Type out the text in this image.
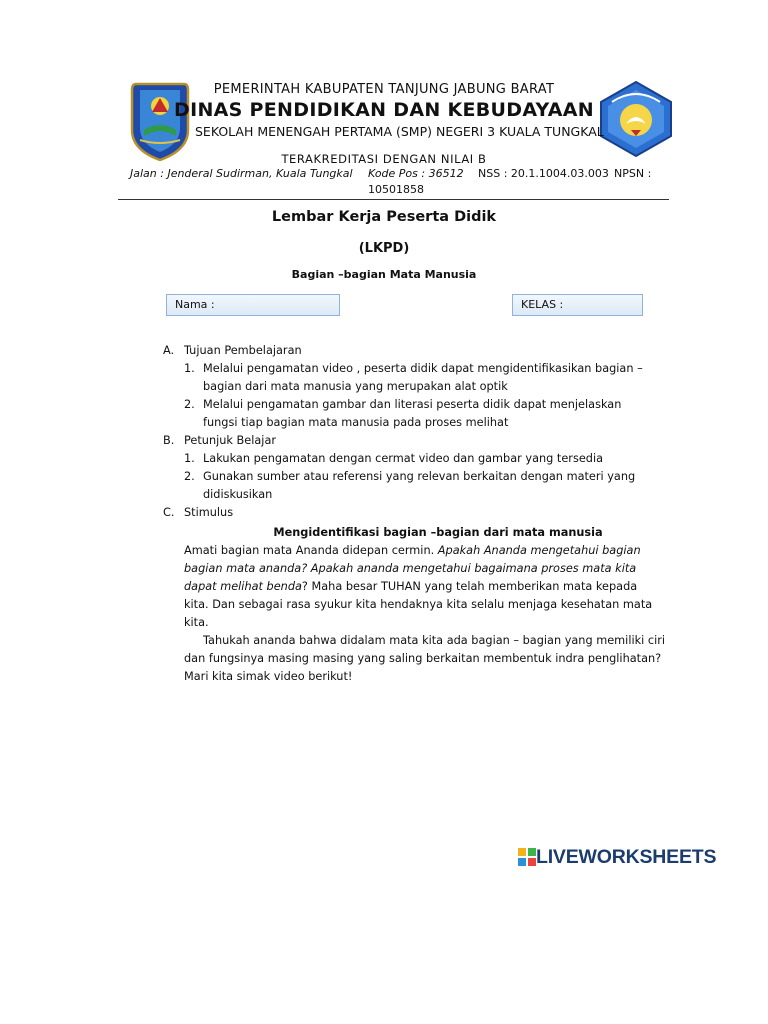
PEMERINTAH KABUPATEN TANJUNG JABUNG BARAT
DINAS PENDIDIKAN DAN KEBUDAYAAN
SEKOLAH MENENGAH PERTAMA (SMP) NEGERI 3 KUALA TUNGKAL
TERAKREDITASI DENGAN NILAI B
Jalan : Jenderal Sudirman, Kuala Tungkal Kode Pos : 36512 NSS : 20.1.1004.03.003 NPSN :
10501858
Lembar Kerja Peserta Didik
(LKPD)
Bagian –bagian Mata Manusia
Nama :	KELAS :
A. Tujuan Pembelajaran
1. Melalui pengamatan video , peserta didik dapat mengidentifikasikan bagian –
bagian dari mata manusia yang merupakan alat optik
2. Melalui pengamatan gambar dan literasi peserta didik dapat menjelaskan
fungsi tiap bagian mata manusia pada proses melihat
B. Petunjuk Belajar
1. Lakukan pengamatan dengan cermat video dan gambar yang tersedia
2. Gunakan sumber atau referensi yang relevan berkaitan dengan materi yang
didiskusikan
C. Stimulus
Mengidentifikasi bagian –bagian dari mata manusia
Amati bagian mata Ananda didepan cermin. Apakah Ananda mengetahui bagian
bagian mata ananda? Apakah ananda mengetahui bagaimana proses mata kita
dapat melihat benda? Maha besar TUHAN yang telah memberikan mata kepada
kita. Dan sebagai rasa syukur kita hendaknya kita selalu menjaga kesehatan mata
kita.
Tahukah ananda bahwa didalam mata kita ada bagian – bagian yang memiliki ciri
dan fungsinya masing masing yang saling berkaitan membentuk indra penglihatan?
Mari kita simak video berikut!
LIVEWORKSHEETS
